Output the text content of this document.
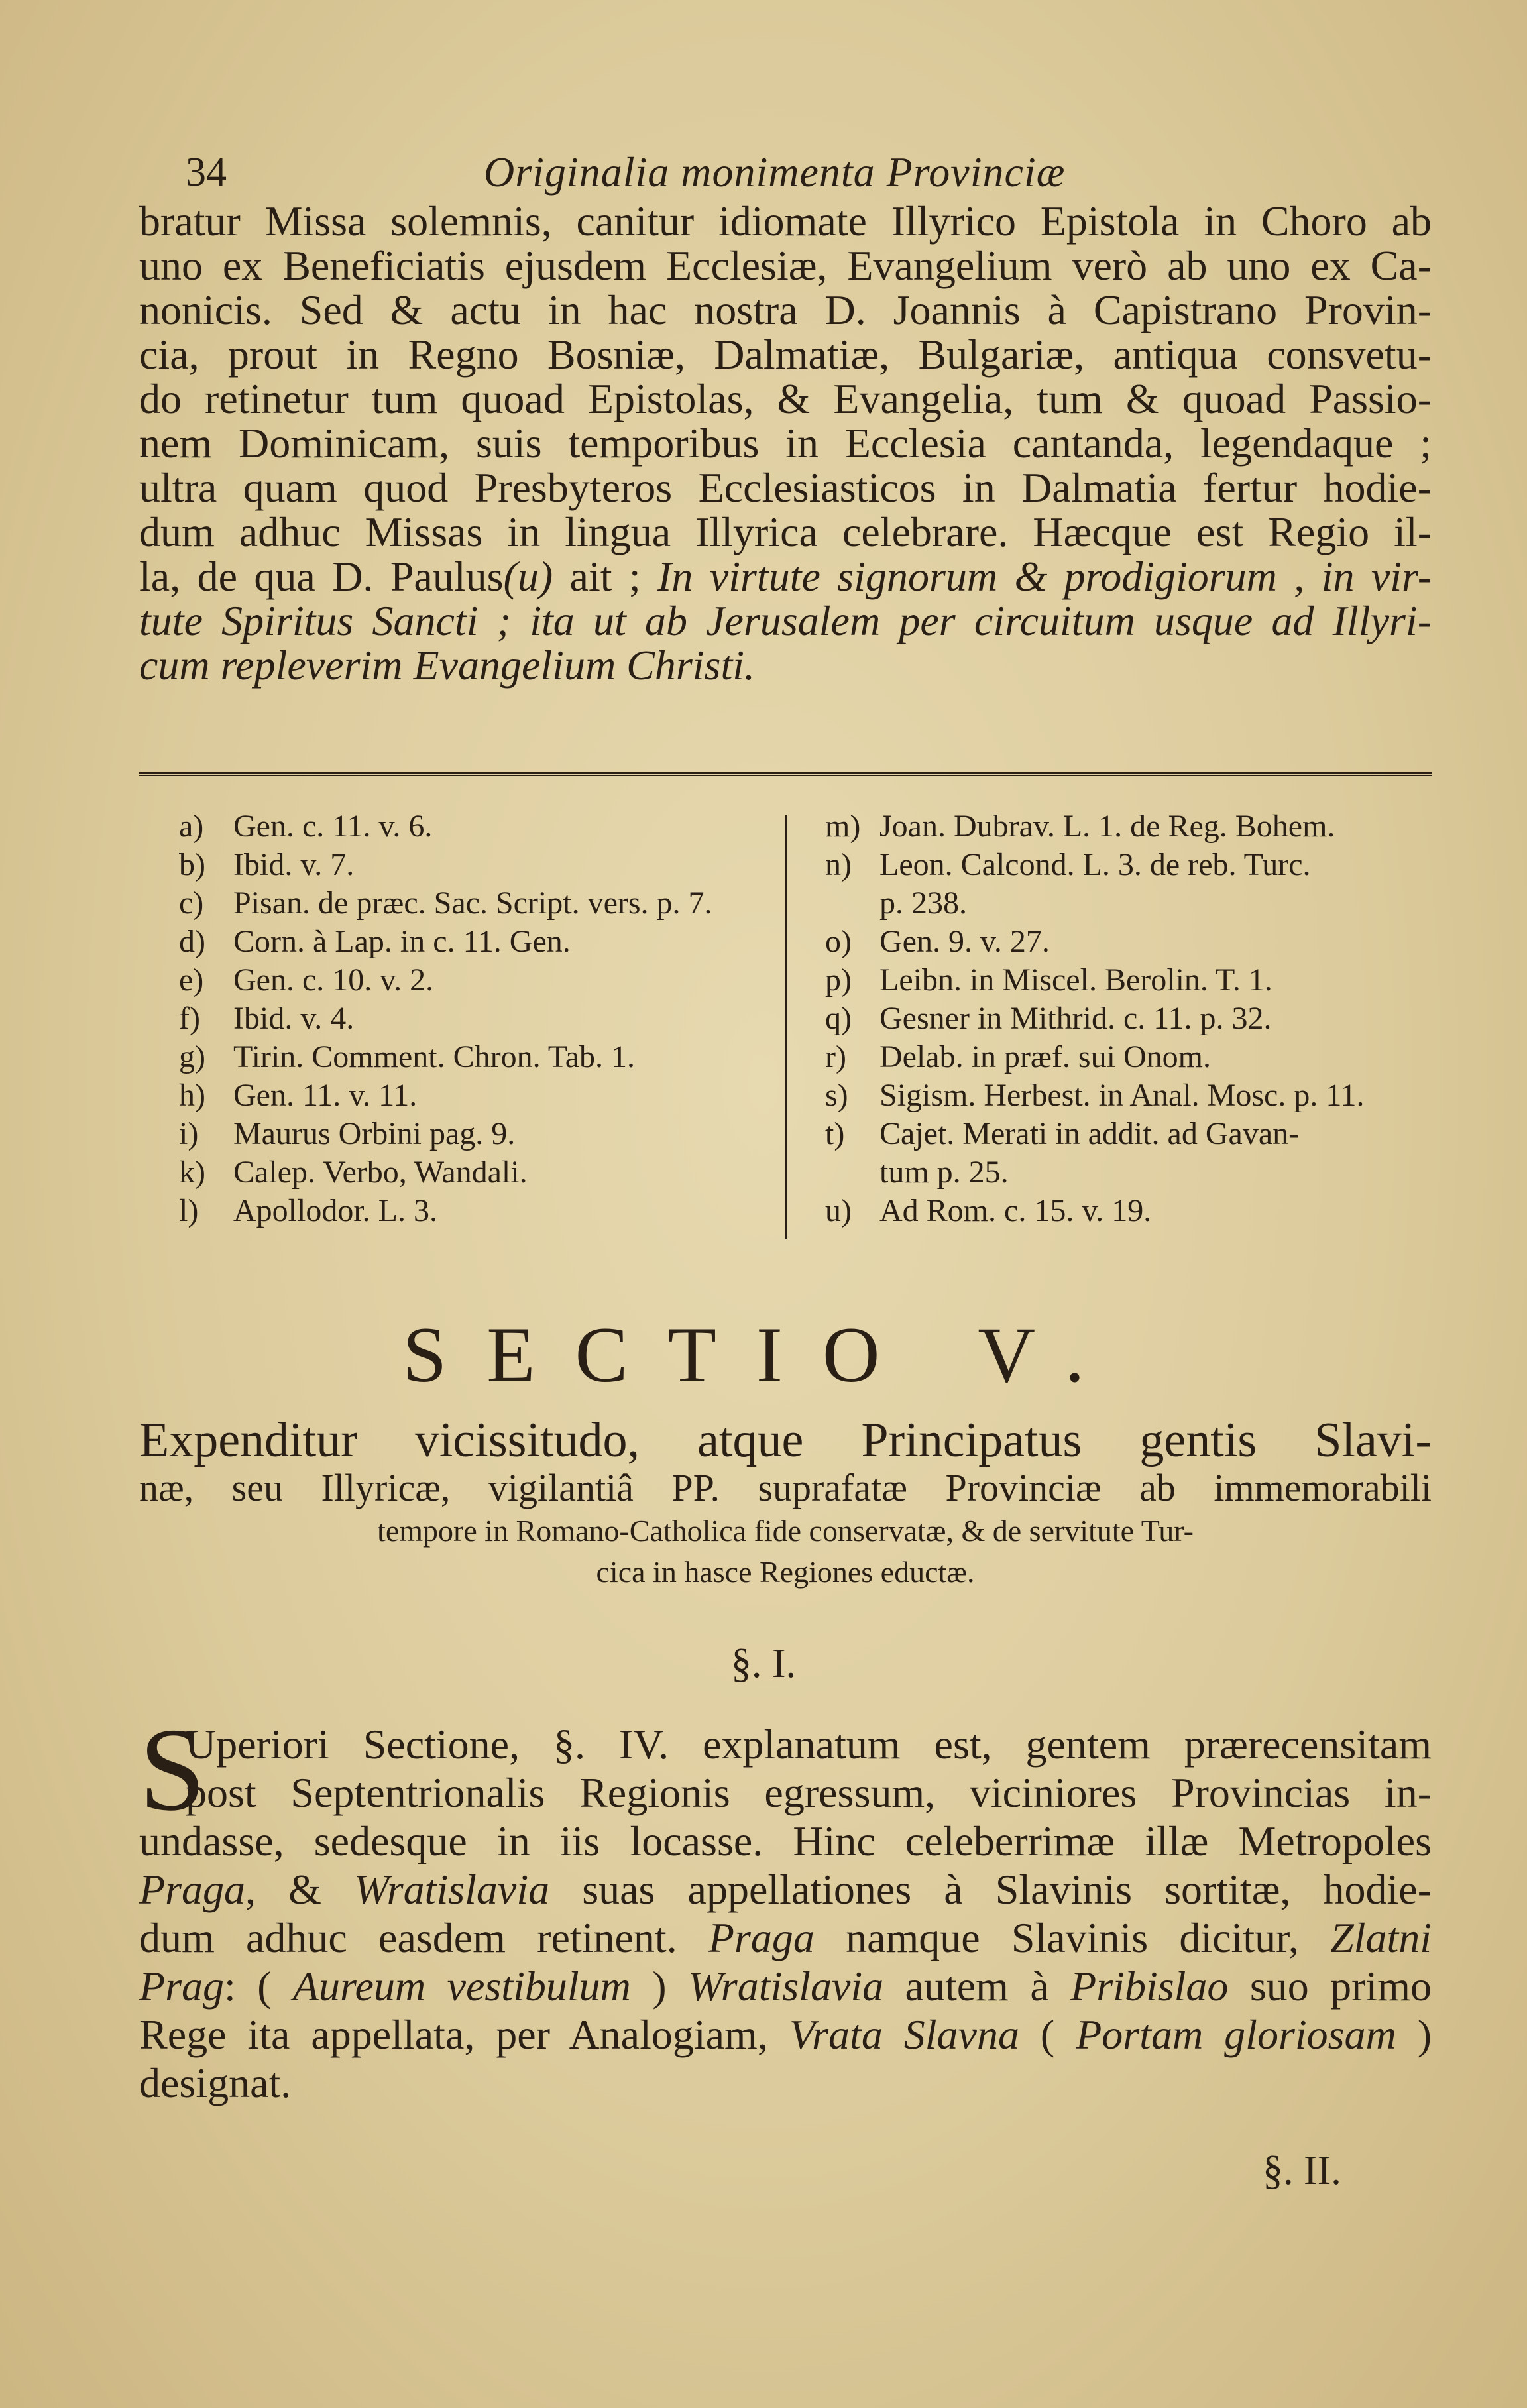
34	Originalia monimenta Provinciæ
bratur Missa solemnis, canitur idiomate Illyrico Epistola in Choro ab
uno ex Beneficiatis ejusdem Ecclesiæ, Evangelium verò ab uno ex Ca-
nonicis. Sed & actu in hac nostra D. Joannis à Capistrano Provin-
cia, prout in Regno Bosniæ, Dalmatiæ, Bulgariæ, antiqua consvetu-
do retinetur tum quoad Epistolas, & Evangelia, tum & quoad Passio-
nem Dominicam, suis temporibus in Ecclesia cantanda, legendaque ;
ultra quam quod Presbyteros Ecclesiasticos in Dalmatia fertur hodie-
dum adhuc Missas in lingua Illyrica celebrare. Hæcque est Regio il-
la, de qua D. Paulus(u) ait ; In virtute signorum & prodigiorum , in vir-
tute Spiritus Sancti ; ita ut ab Jerusalem per circuitum usque ad Illyri-
cum repleverim Evangelium Christi.
a) Gen. c. 11. v. 6.
b) Ibid. v. 7.
c) Pisan. de præc. Sac. Script. vers. p. 7.
d) Corn. à Lap. in c. 11. Gen.
e) Gen. c. 10. v. 2.
f) Ibid. v. 4.
g) Tirin. Comment. Chron. Tab. 1.
h) Gen. 11. v. 11.
i) Maurus Orbini pag. 9.
k) Calep. Verbo, Wandali.
l) Apollodor. L. 3.
m) Joan. Dubrav. L. 1. de Reg. Bohem.
n) Leon. Calcond. L. 3. de reb. Turc.
p. 238.
o) Gen. 9. v. 27.
p) Leibn. in Miscel. Berolin. T. 1.
q) Gesner in Mithrid. c. 11. p. 32.
r) Delab. in præf. sui Onom.
s) Sigism. Herbest. in Anal. Mosc. p. 11.
t) Cajet. Merati in addit. ad Gavan-
tum p. 25.
u) Ad Rom. c. 15. v. 19.
SECTIO V.
Expenditur vicissitudo, atque Principatus gentis Slavi-
næ, seu Illyricæ, vigilantiâ PP. suprafatæ Provinciæ ab immemorabili
tempore in Romano-Catholica fide conservatæ, & de servitute Tur-
cica in hasce Regiones eductæ.
§. I.
S
Uperiori Sectione, §. IV. explanatum est, gentem prærecensitam
post Septentrionalis Regionis egressum, viciniores Provincias in-
undasse, sedesque in iis locasse. Hinc celeberrimæ illæ Metropoles
Praga, & Wratislavia suas appellationes à Slavinis sortitæ, hodie-
dum adhuc easdem retinent. Praga namque Slavinis dicitur, Zlatni
Prag: ( Aureum vestibulum ) Wratislavia autem à Pribislao suo primo
Rege ita appellata, per Analogiam, Vrata Slavna ( Portam gloriosam )
designat.
§. II.
